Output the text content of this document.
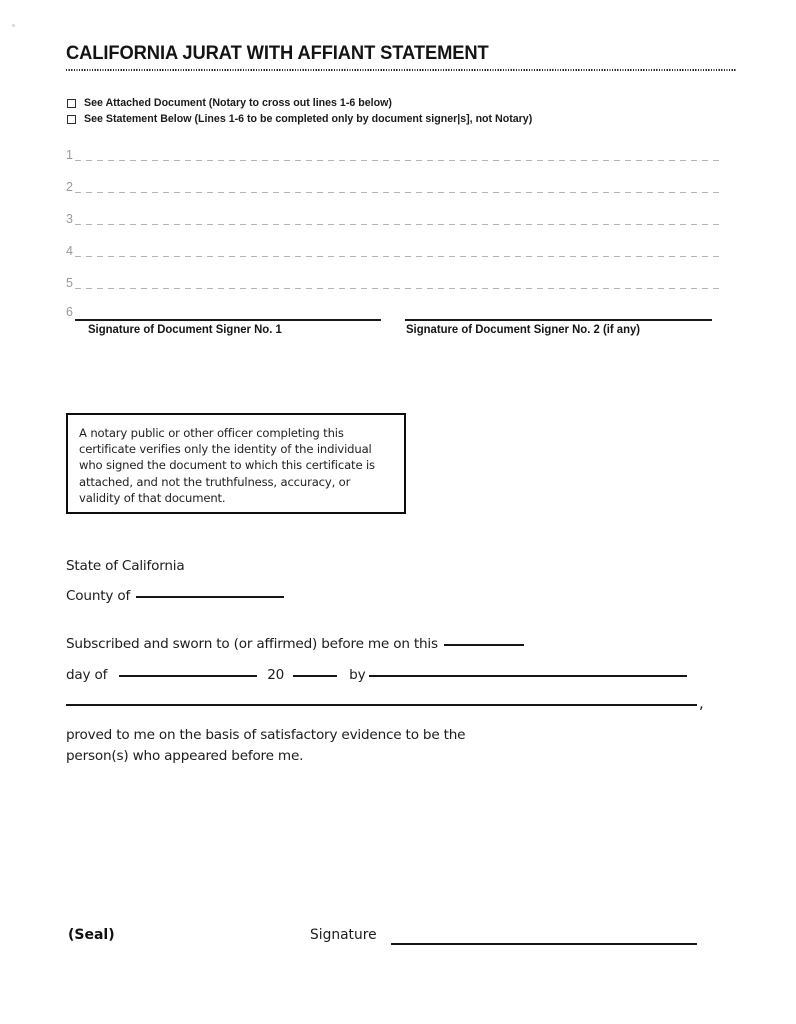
CALIFORNIA JURAT WITH AFFIANT STATEMENT
See Attached Document (Notary to cross out lines 1-6 below)
See Statement Below (Lines 1-6 to be completed only by document signer|s], not Notary)
1
2
3
4
5
6
Signature of Document Signer No. 1	Signature of Document Signer No. 2 (if any)
A notary public or other officer completing this certificate verifies only the identity of the individual who signed the document to which this certificate is attached, and not the truthfulness, accuracy, or validity of that document.
State of California
County of
Subscribed and sworn to (or affirmed) before me on this
day of	20	by
,
proved to me on the basis of satisfactory evidence to be the
person(s) who appeared before me.
(Seal)	Signature
